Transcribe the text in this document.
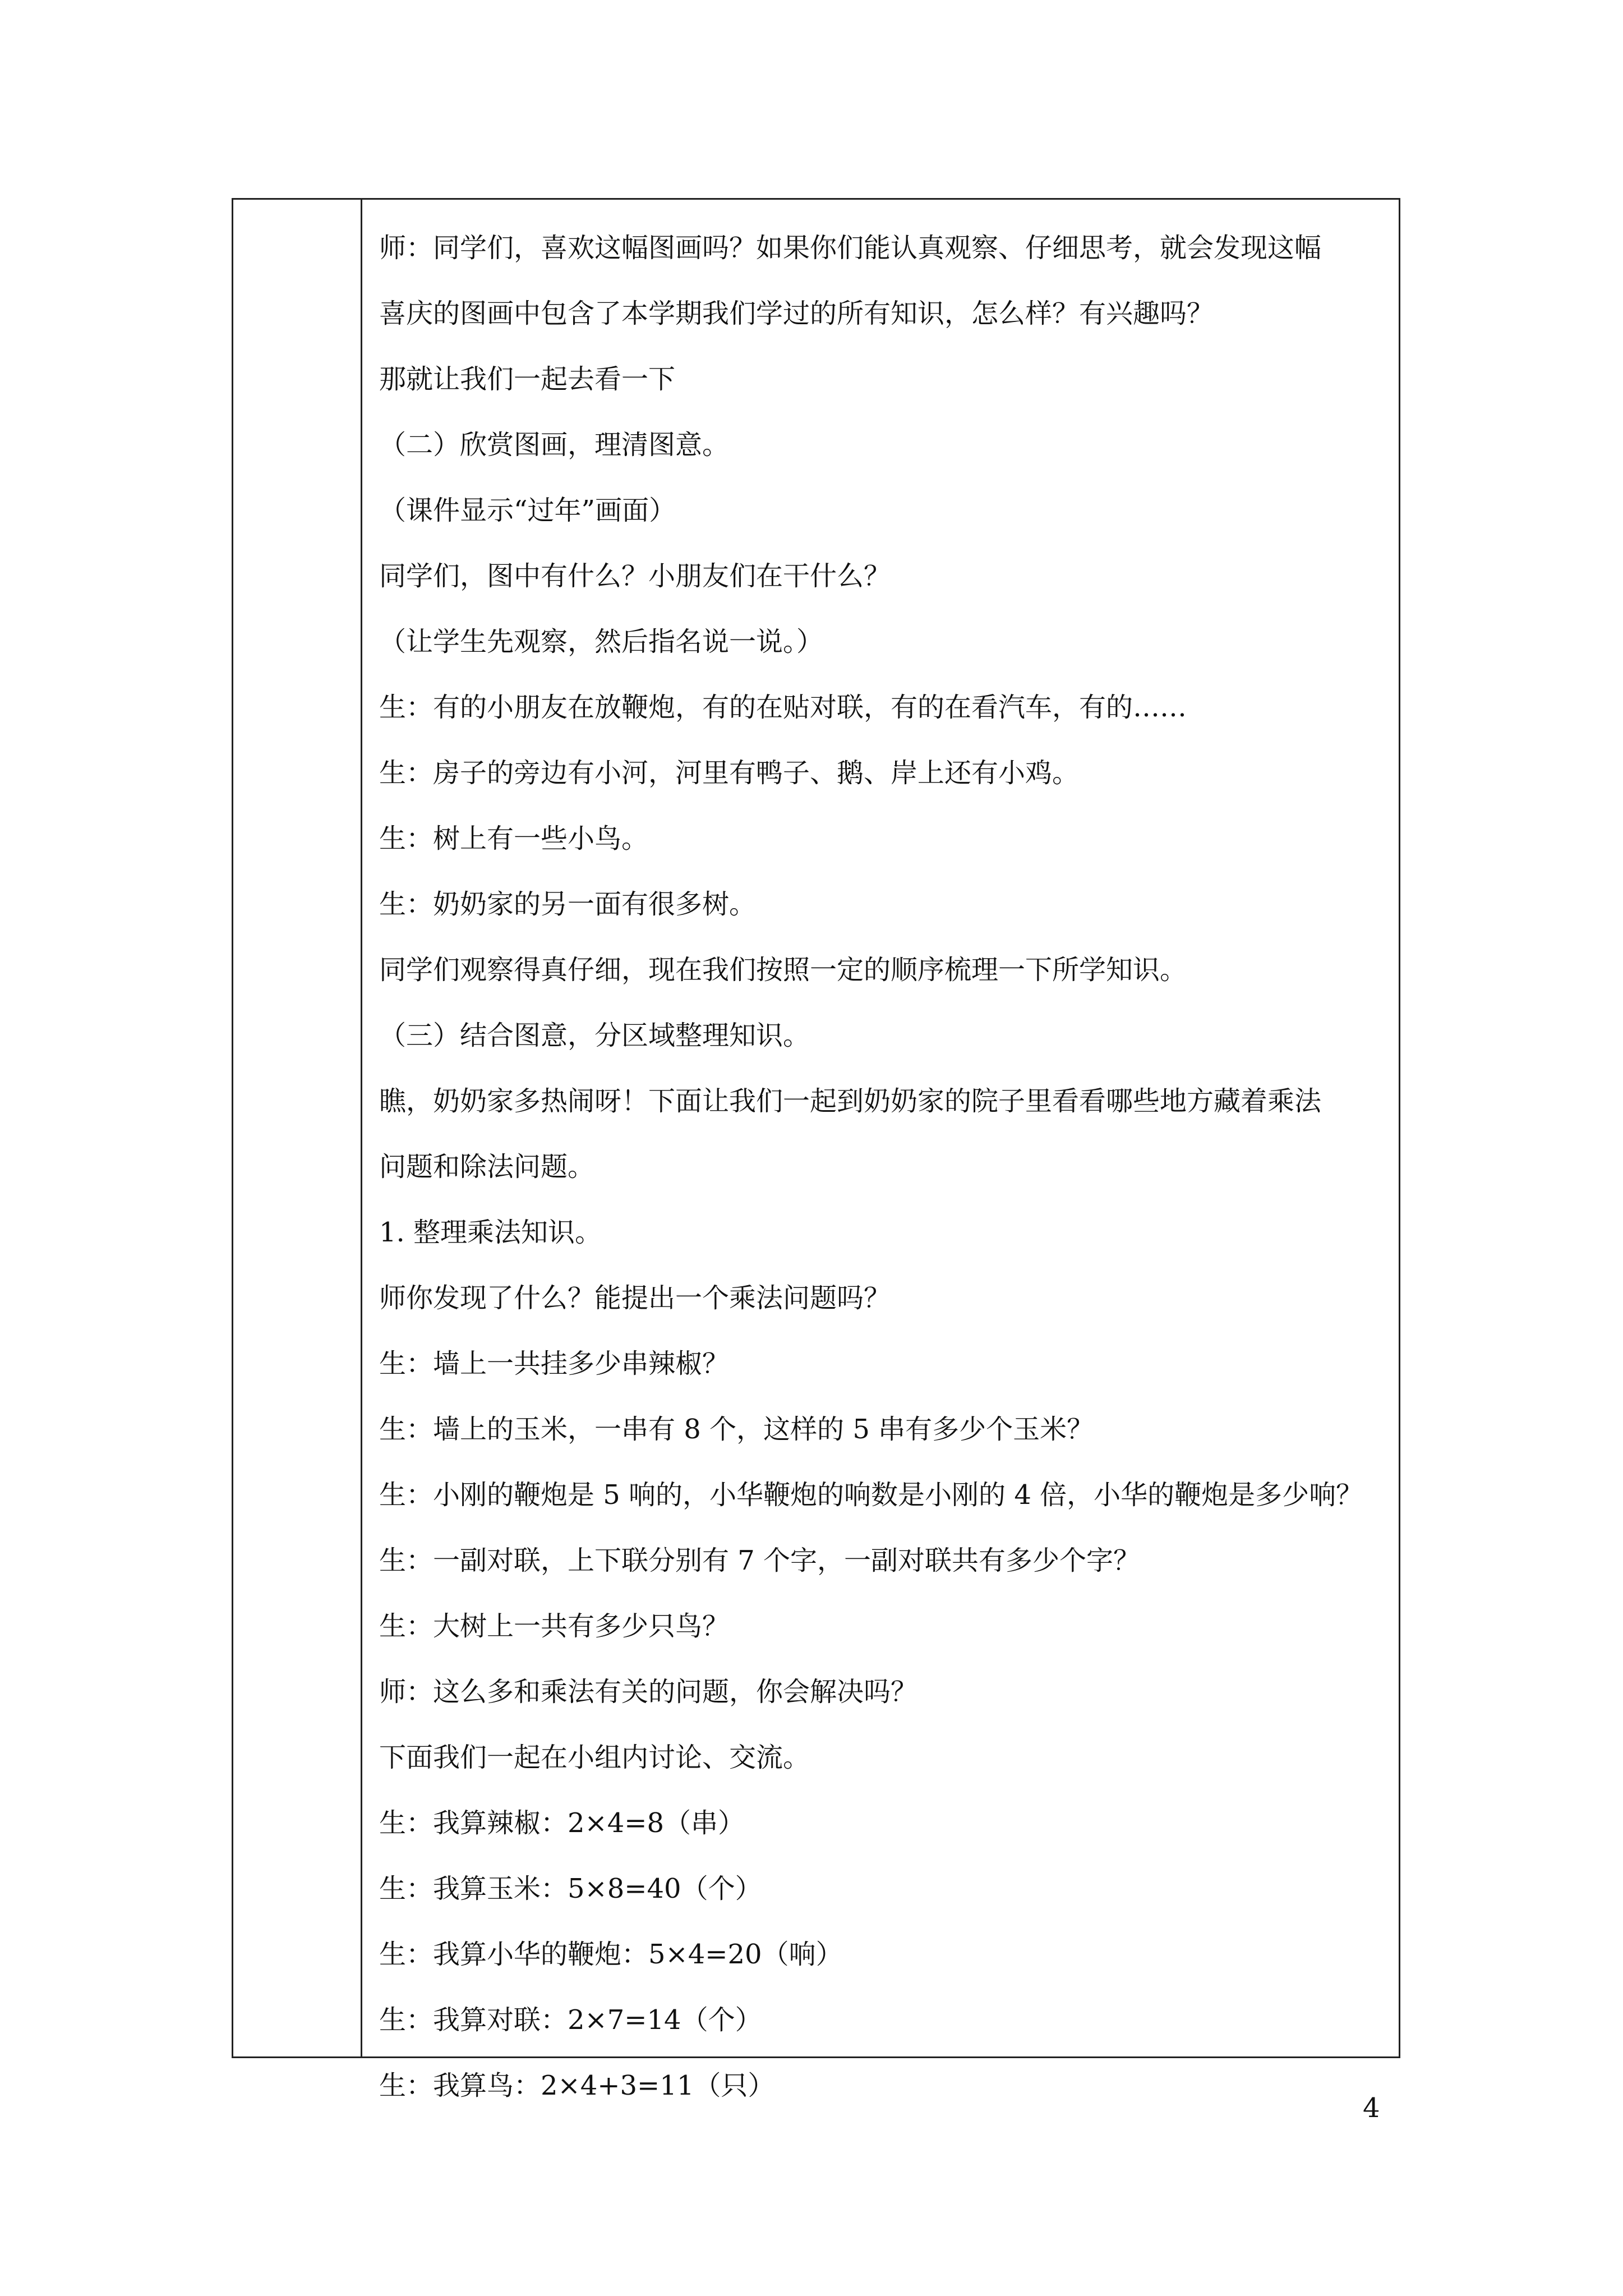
师：同学们，喜欢这幅图画吗？如果你们能认真观察、仔细思考，就会发现这幅
喜庆的图画中包含了本学期我们学过的所有知识，怎么样？有兴趣吗？
那就让我们一起去看一下
（二）欣赏图画，理清图意。
（课件显示“过年”画面）
同学们，图中有什么？小朋友们在干什么？
（让学生先观察，然后指名说一说。）
生：有的小朋友在放鞭炮，有的在贴对联，有的在看汽车，有的……
生：房子的旁边有小河，河里有鸭子、鹅、岸上还有小鸡。
生：树上有一些小鸟。
生：奶奶家的另一面有很多树。
同学们观察得真仔细，现在我们按照一定的顺序梳理一下所学知识。
（三）结合图意，分区域整理知识。
瞧，奶奶家多热闹呀！下面让我们一起到奶奶家的院子里看看哪些地方藏着乘法
问题和除法问题。
1. 整理乘法知识。
师你发现了什么？能提出一个乘法问题吗？
生：墙上一共挂多少串辣椒？
生：墙上的玉米，一串有 8 个，这样的 5 串有多少个玉米？
生：小刚的鞭炮是 5 响的，小华鞭炮的响数是小刚的 4 倍，小华的鞭炮是多少响？
生：一副对联，上下联分别有 7 个字，一副对联共有多少个字？
生：大树上一共有多少只鸟？
师：这么多和乘法有关的问题，你会解决吗？
下面我们一起在小组内讨论、交流。
生：我算辣椒：2×4=8（串）
生：我算玉米：5×8=40（个）
生：我算小华的鞭炮：5×4=20（响）
生：我算对联：2×7=14（个）
生：我算鸟：2×4+3=11（只）
4
